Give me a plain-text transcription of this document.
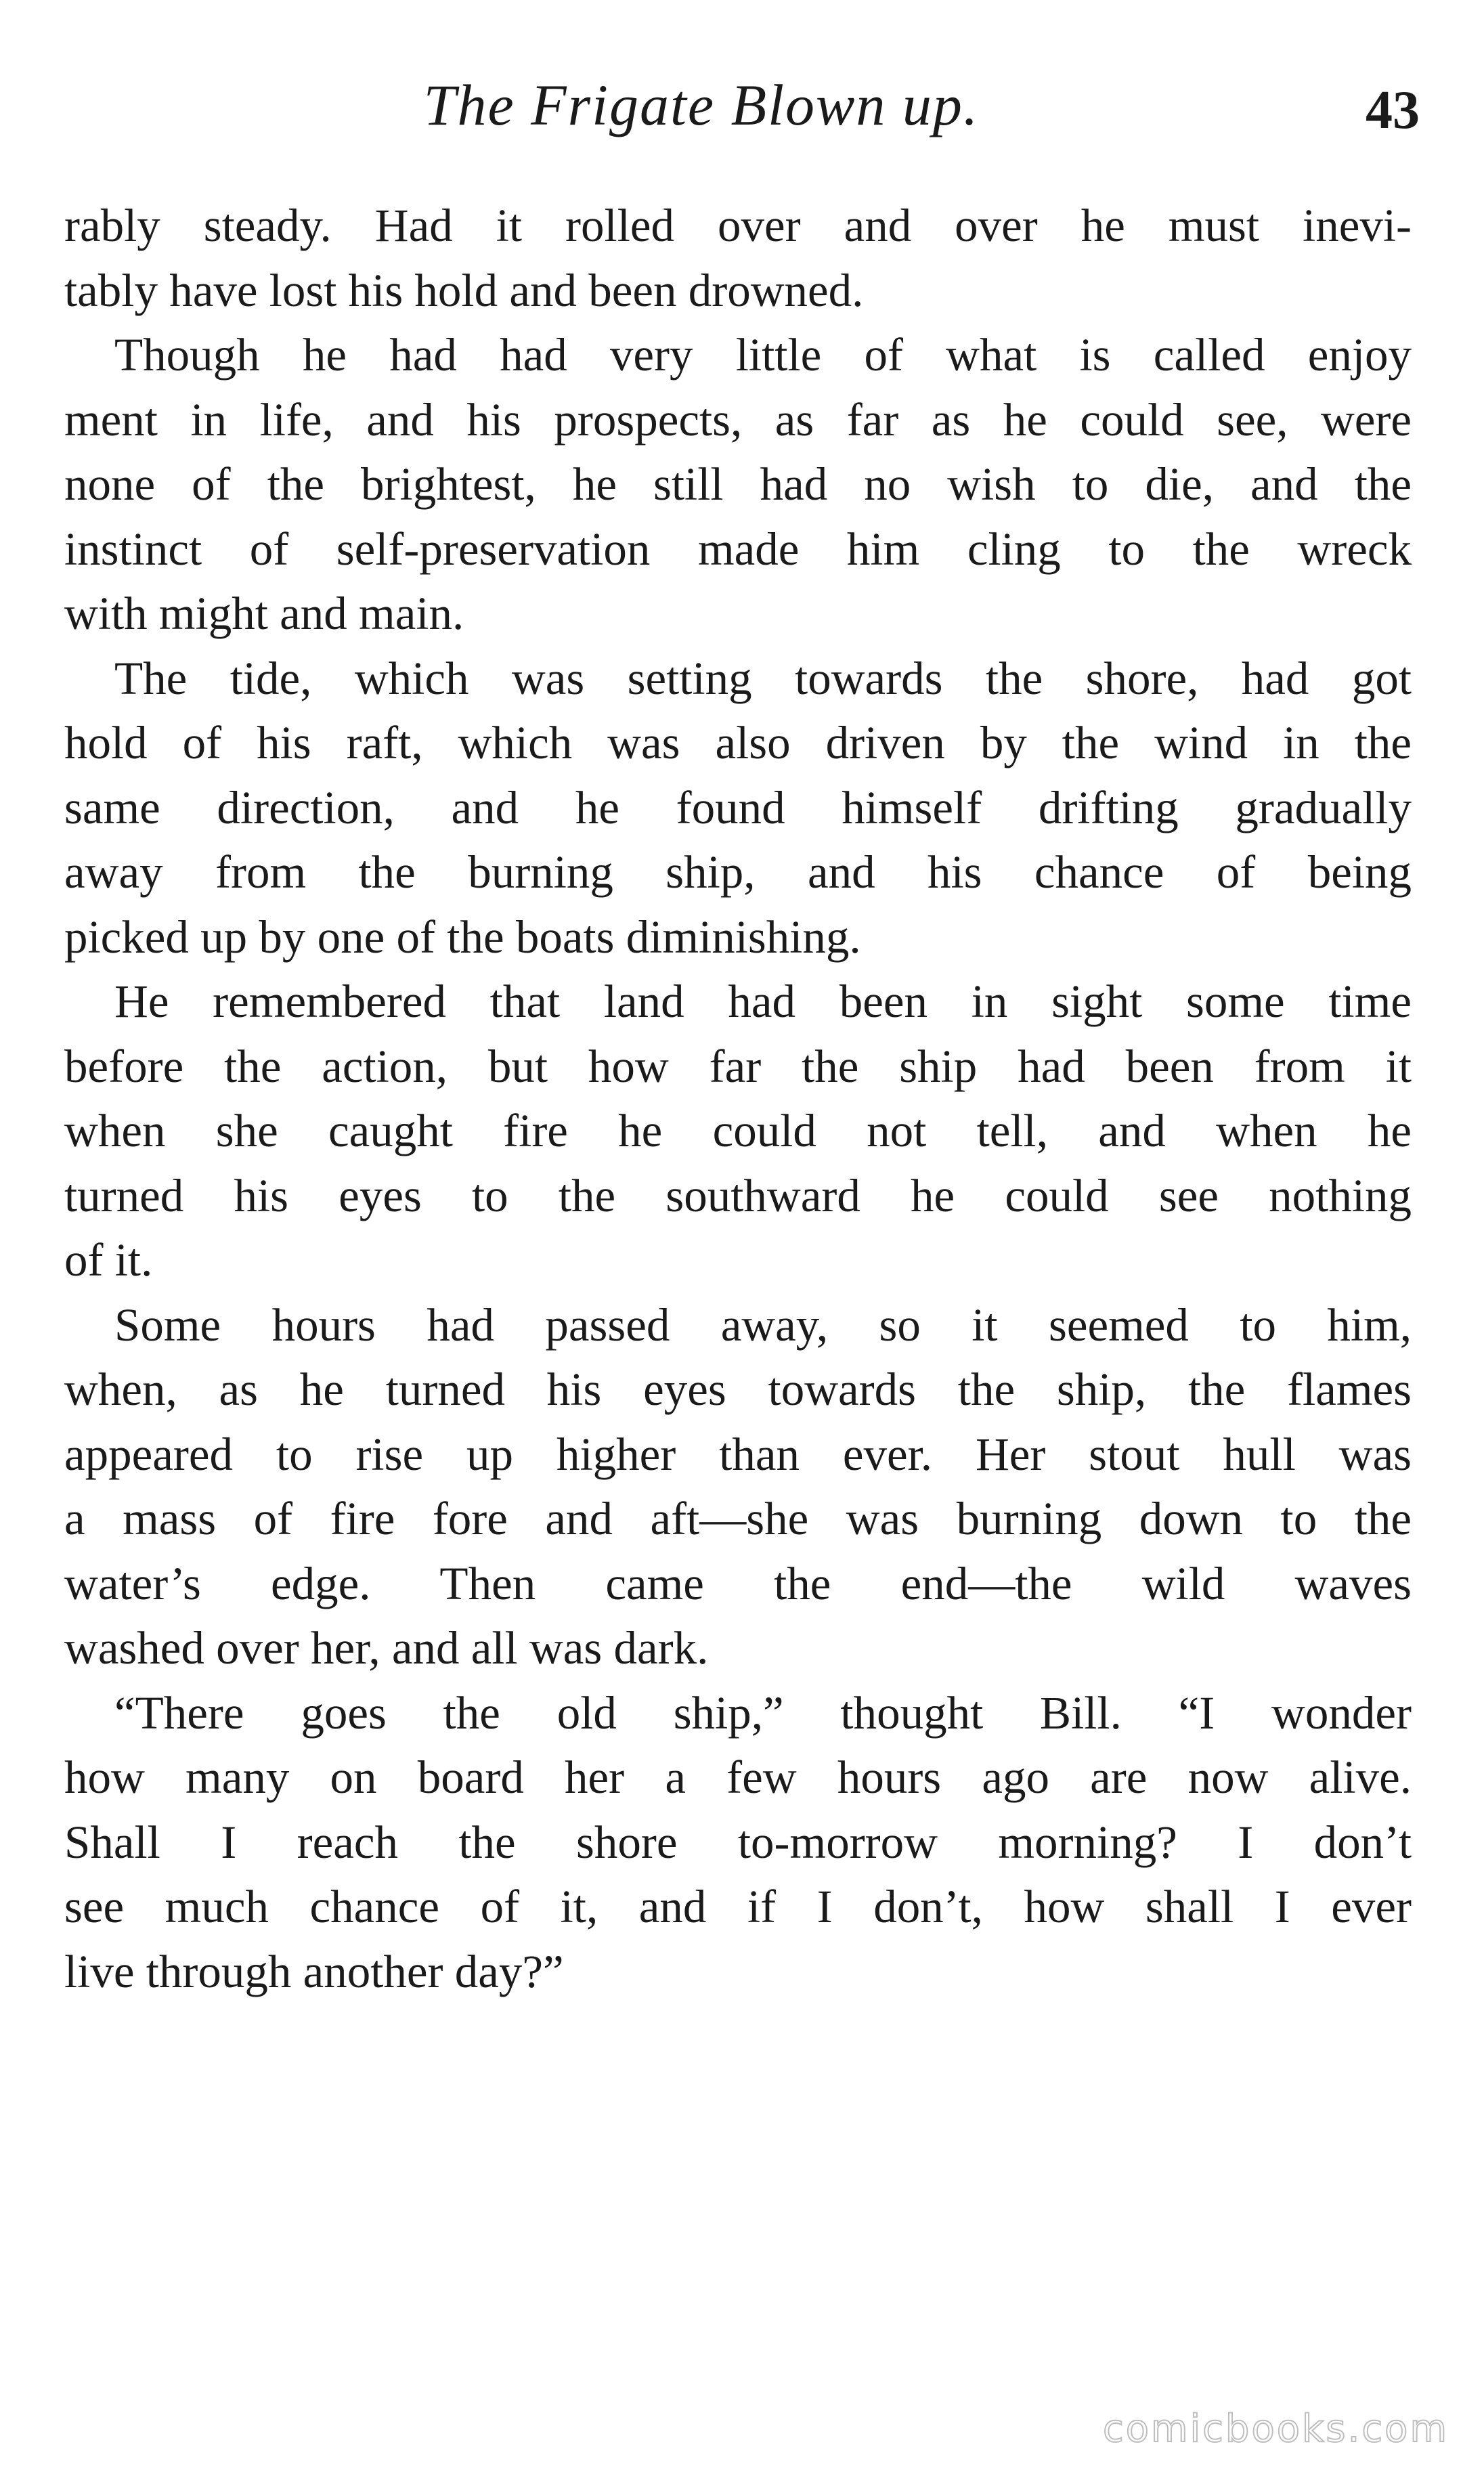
The Frigate Blown up.	43

rably steady. Had it rolled over and over he must inevi-
tably have lost his hold and been drowned.

Though he had had very little of what is called enjoy
ment in life, and his prospects, as far as he could see, were
none of the brightest, he still had no wish to die, and the
instinct of self-preservation made him cling to the wreck
with might and main.

The tide, which was setting towards the shore, had got
hold of his raft, which was also driven by the wind in the
same direction, and he found himself drifting gradually
away from the burning ship, and his chance of being
picked up by one of the boats diminishing.

He remembered that land had been in sight some time
before the action, but how far the ship had been from it
when she caught fire he could not tell, and when he
turned his eyes to the southward he could see nothing
of it.

Some hours had passed away, so it seemed to him,
when, as he turned his eyes towards the ship, the flames
appeared to rise up higher than ever. Her stout hull was
a mass of fire fore and aft—she was burning down to the
water’s edge. Then came the end—the wild waves
washed over her, and all was dark.

“There goes the old ship,” thought Bill. “I wonder
how many on board her a few hours ago are now alive.
Shall I reach the shore to-morrow morning? I don’t
see much chance of it, and if I don’t, how shall I ever
live through another day?”

comicbooks.com
